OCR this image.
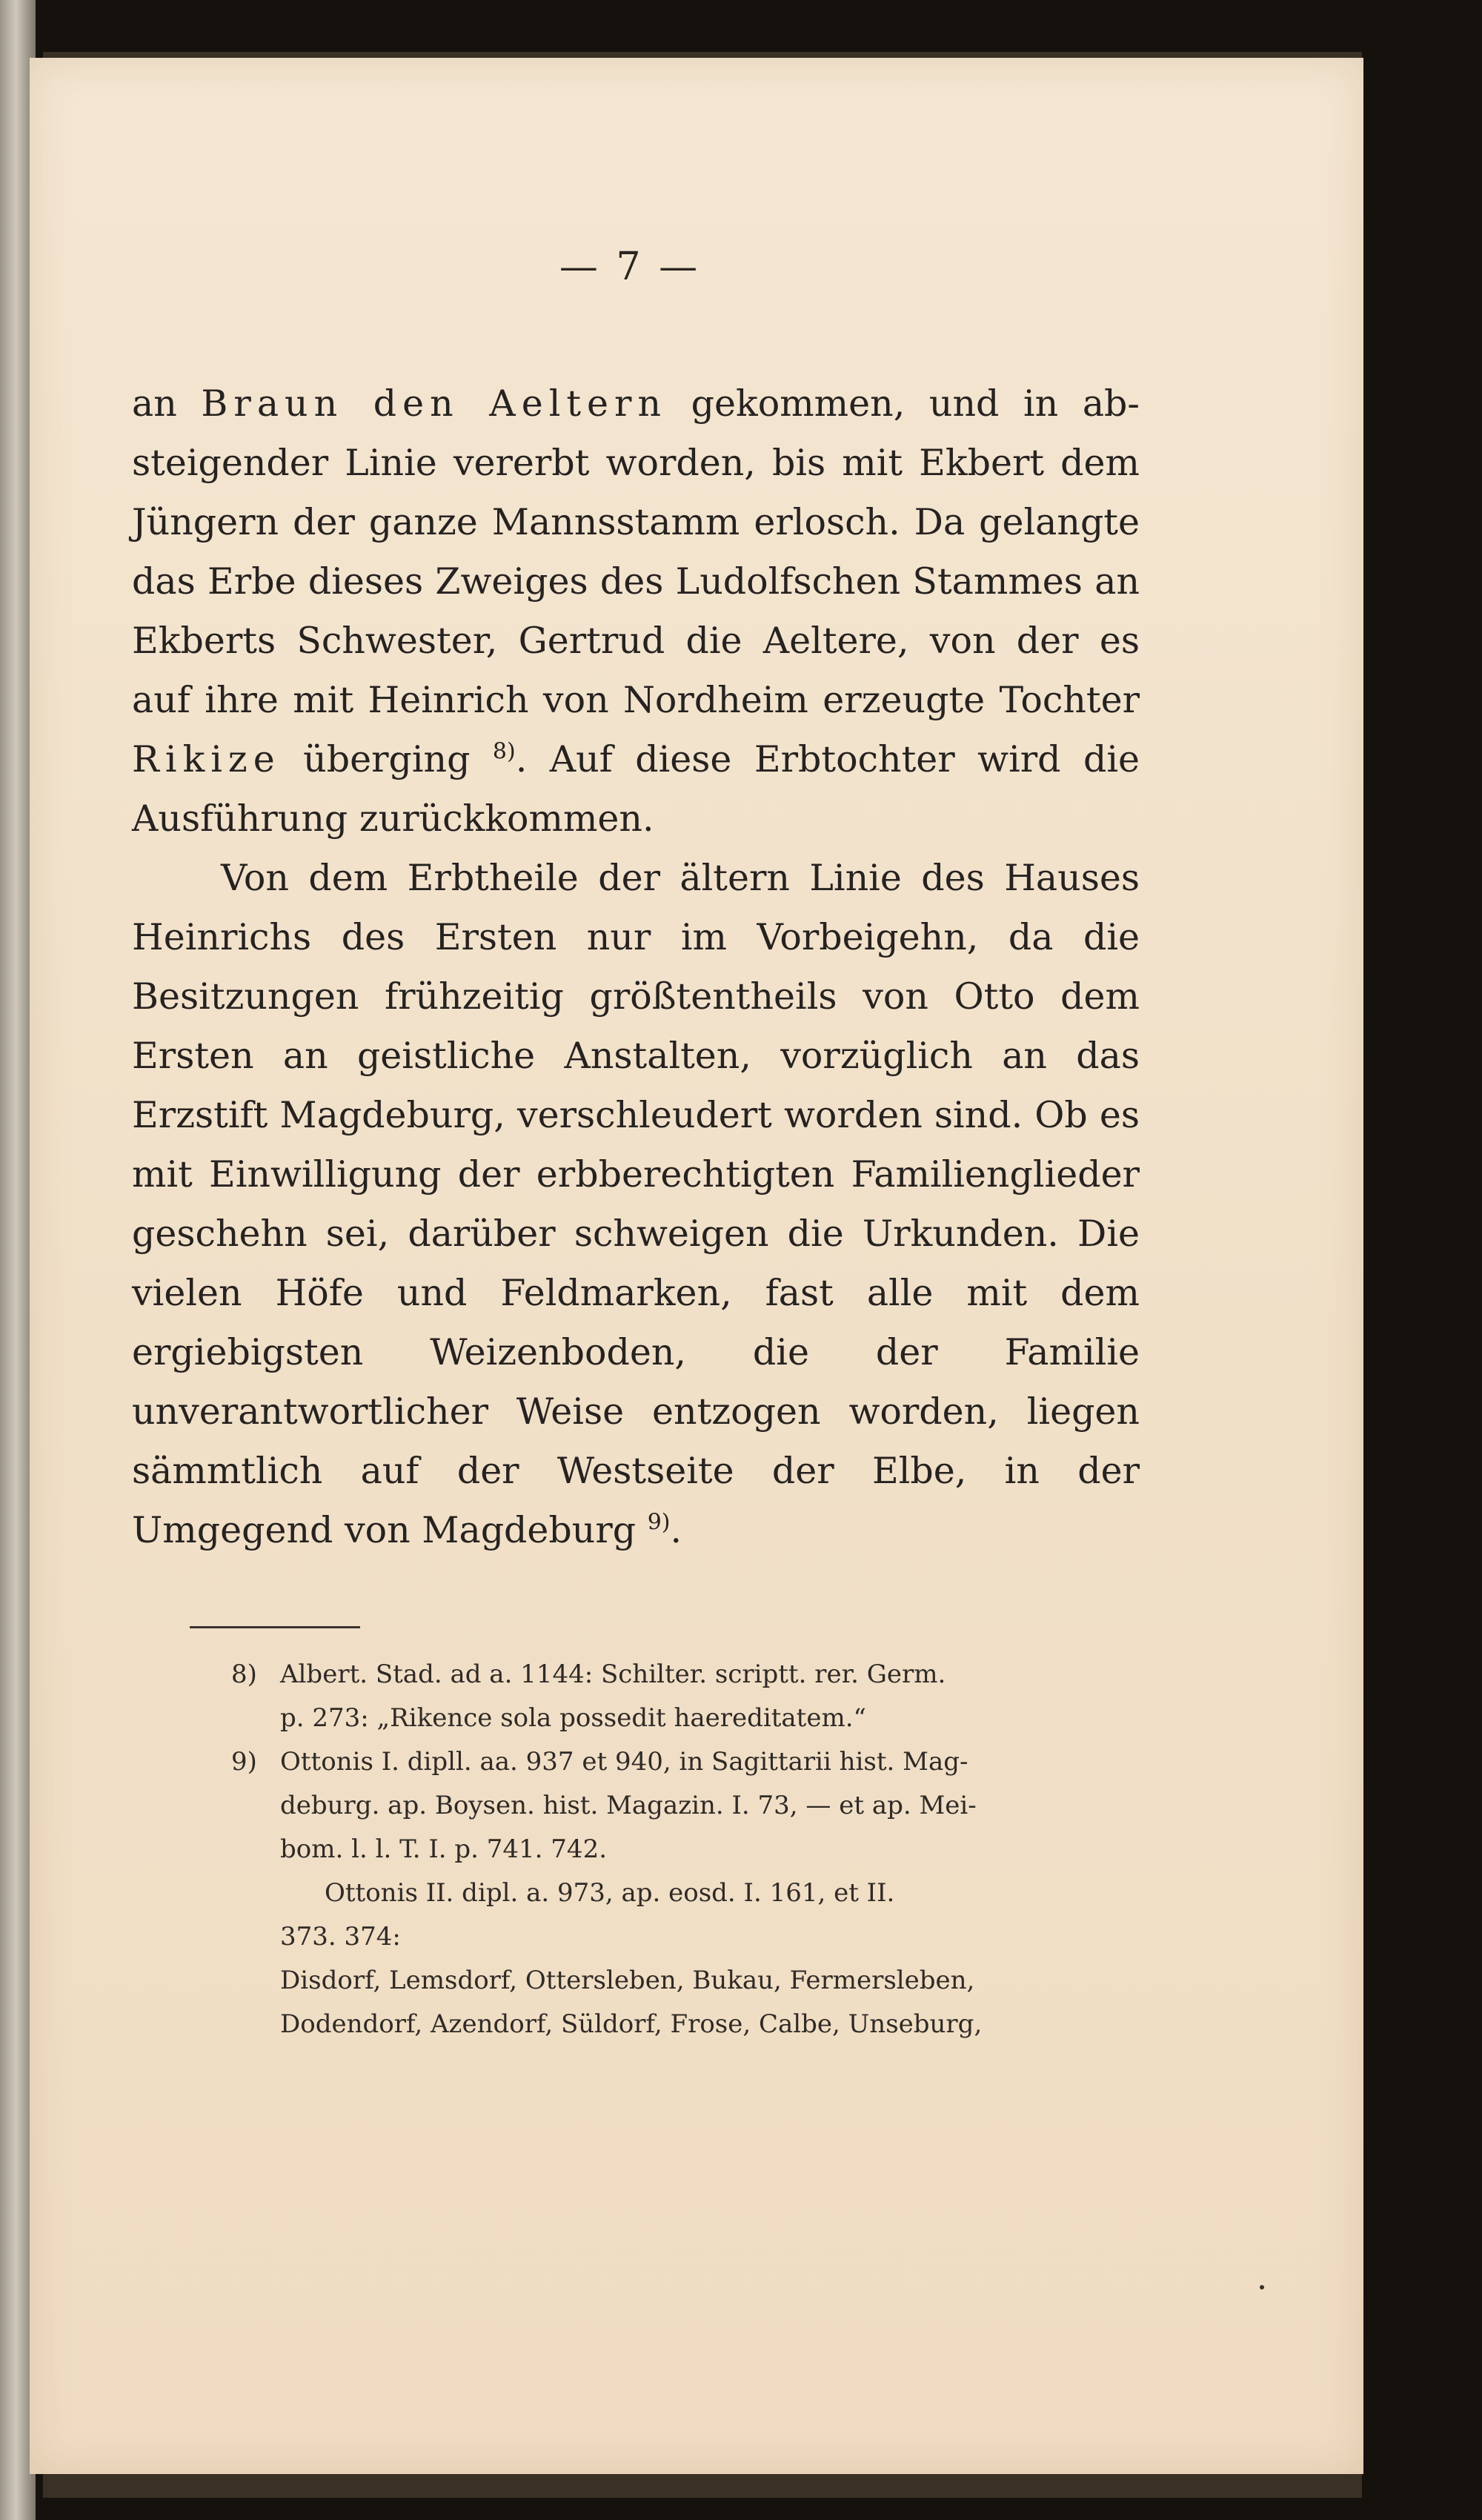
— 7 —

an Braun den Aeltern gekommen, und in ab-steigender Linie vererbt worden, bis mit Ekbert dem Jüngern der ganze Mannsstamm erlosch. Da gelangte das Erbe dieses Zweiges des Ludolfschen Stammes an Ekberts Schwester, Gertrud die Aeltere, von der es auf ihre mit Heinrich von Nordheim erzeugte Tochter Rikize überging $^{8)}$. Auf diese Erbtochter wird die Ausführung zurückkommen.

Von dem Erbtheile der ältern Linie des Hauses Heinrichs des Ersten nur im Vorbeigehn, da die Besitzungen frühzeitig größtentheils von Otto dem Ersten an geistliche Anstalten, vorzüglich an das Erzstift Magdeburg, verschleudert worden sind. Ob es mit Einwilligung der erbberechtigten Familienglieder geschehn sei, darüber schweigen die Urkunden. Die vielen Höfe und Feldmarken, fast alle mit dem ergiebigsten Weizenboden, die der Familie unverantwortlicher Weise entzogen worden, liegen sämmtlich auf der Westseite der Elbe, in der Umgegend von Magdeburg $^{9)}$.

8) Albert. Stad. ad a. 1144: Schilter. scriptt. rer. Germ.
p. 273: „Rikence sola possedit haereditatem.“
9) Ottonis I. dipll. aa. 937 et 940, in Sagittarii hist. Mag-
deburg. ap. Boysen. hist. Magazin. I. 73, — et ap. Mei-
bom. l. l. T. I. p. 741. 742.
Ottonis II. dipl. a. 973, ap. eosd. I. 161, et II.
373. 374:
Disdorf, Lemsdorf, Ottersleben, Bukau, Fermersleben,
Dodendorf, Azendorf, Süldorf, Frose, Calbe, Unseburg,
